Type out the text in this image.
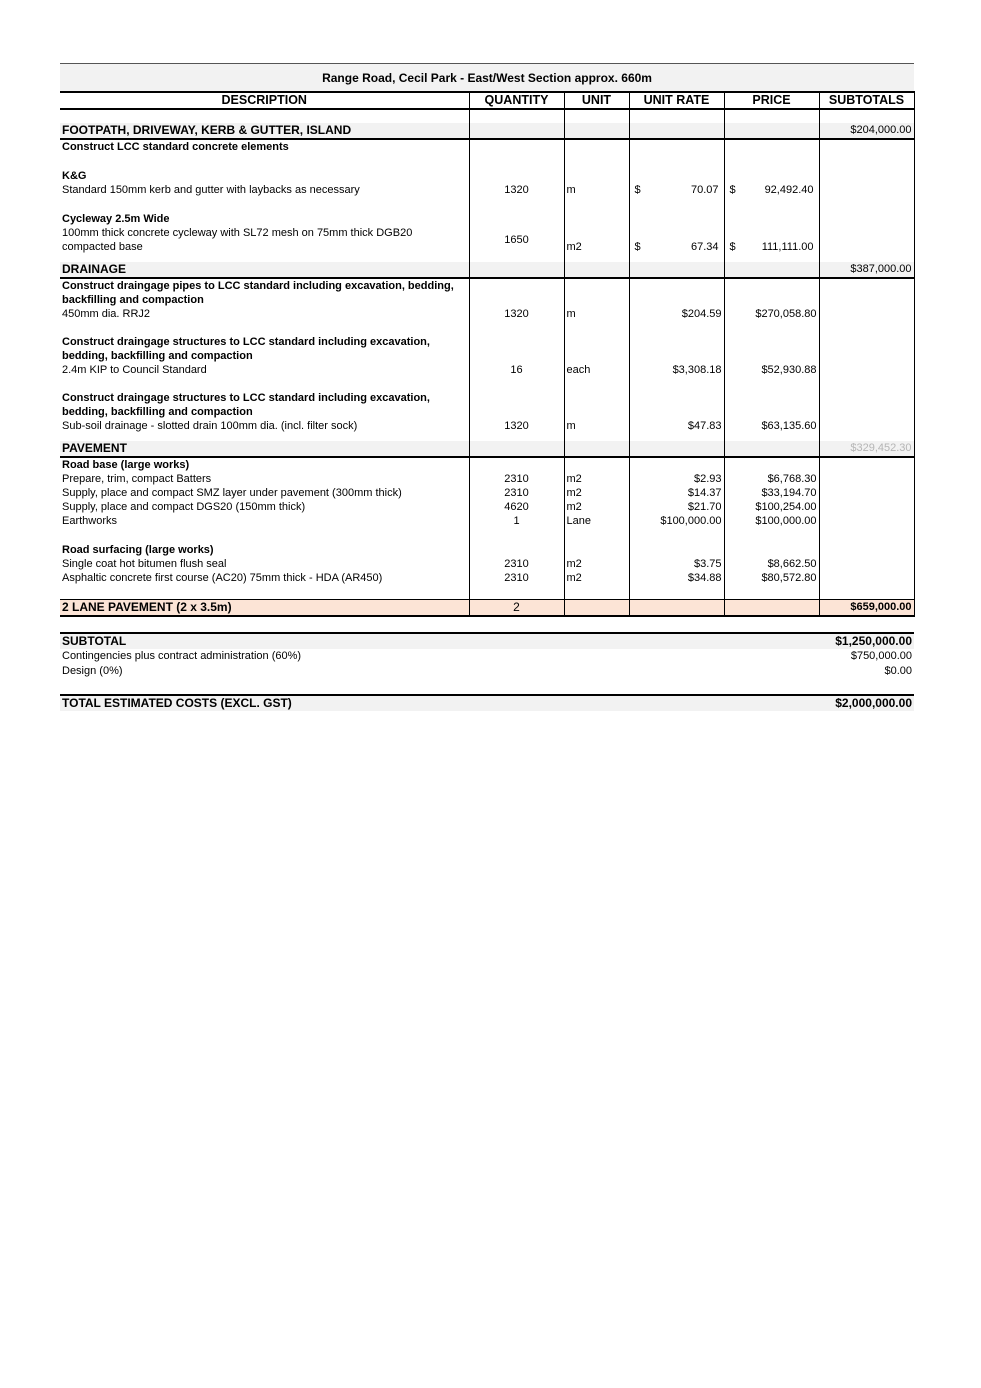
Range Road, Cecil Park - East/West Section approx. 660m					
DESCRIPTION	QUANTITY	UNIT	UNIT RATE	PRICE	SUBTOTALS

FOOTPATH, DRIVEWAY, KERB & GUTTER, ISLAND					$204,000.00
Construct LCC standard concrete elements					

K&G					
Standard 150mm kerb and gutter with laybacks as necessary	1320	m	$ 70.07	$ 92,492.40	

Cycleway 2.5m Wide					
100mm thick concrete cycleway with SL72 mesh on 75mm thick DGB20 compacted base	1650	m2	$ 67.34	$ 111,111.00	

DRAINAGE					$387,000.00
Construct draingage pipes to LCC standard including excavation, bedding, backfilling and compaction					
450mm dia. RRJ2	1320	m	$204.59	$270,058.80	

Construct draingage structures to LCC standard including excavation, bedding, backfilling and compaction					
2.4m KIP to Council Standard	16	each	$3,308.18	$52,930.88	

Construct draingage structures to LCC standard including excavation, bedding, backfilling and compaction					
Sub-soil drainage - slotted drain 100mm dia. (incl. filter sock)	1320	m	$47.83	$63,135.60	

PAVEMENT					$329,452.30
Road base (large works)					
Prepare, trim, compact Batters	2310	m2	$2.93	$6,768.30	
Supply, place and compact SMZ layer under pavement (300mm thick)	2310	m2	$14.37	$33,194.70	
Supply, place and compact DGS20 (150mm thick)	4620	m2	$21.70	$100,254.00	
Earthworks	1	Lane	$100,000.00	$100,000.00	

Road surfacing (large works)					
Single coat hot bitumen flush seal	2310	m2	$3.75	$8,662.50	
Asphaltic concrete first course (AC20) 75mm thick - HDA (AR450)	2310	m2	$34.88	$80,572.80	

2 LANE PAVEMENT (2 x 3.5m)	2				$659,000.00
SUBTOTAL	$1,250,000.00
Contingencies plus contract administration (60%)	$750,000.00
Design (0%)	$0.00

TOTAL ESTIMATED COSTS (EXCL. GST)	$2,000,000.00
